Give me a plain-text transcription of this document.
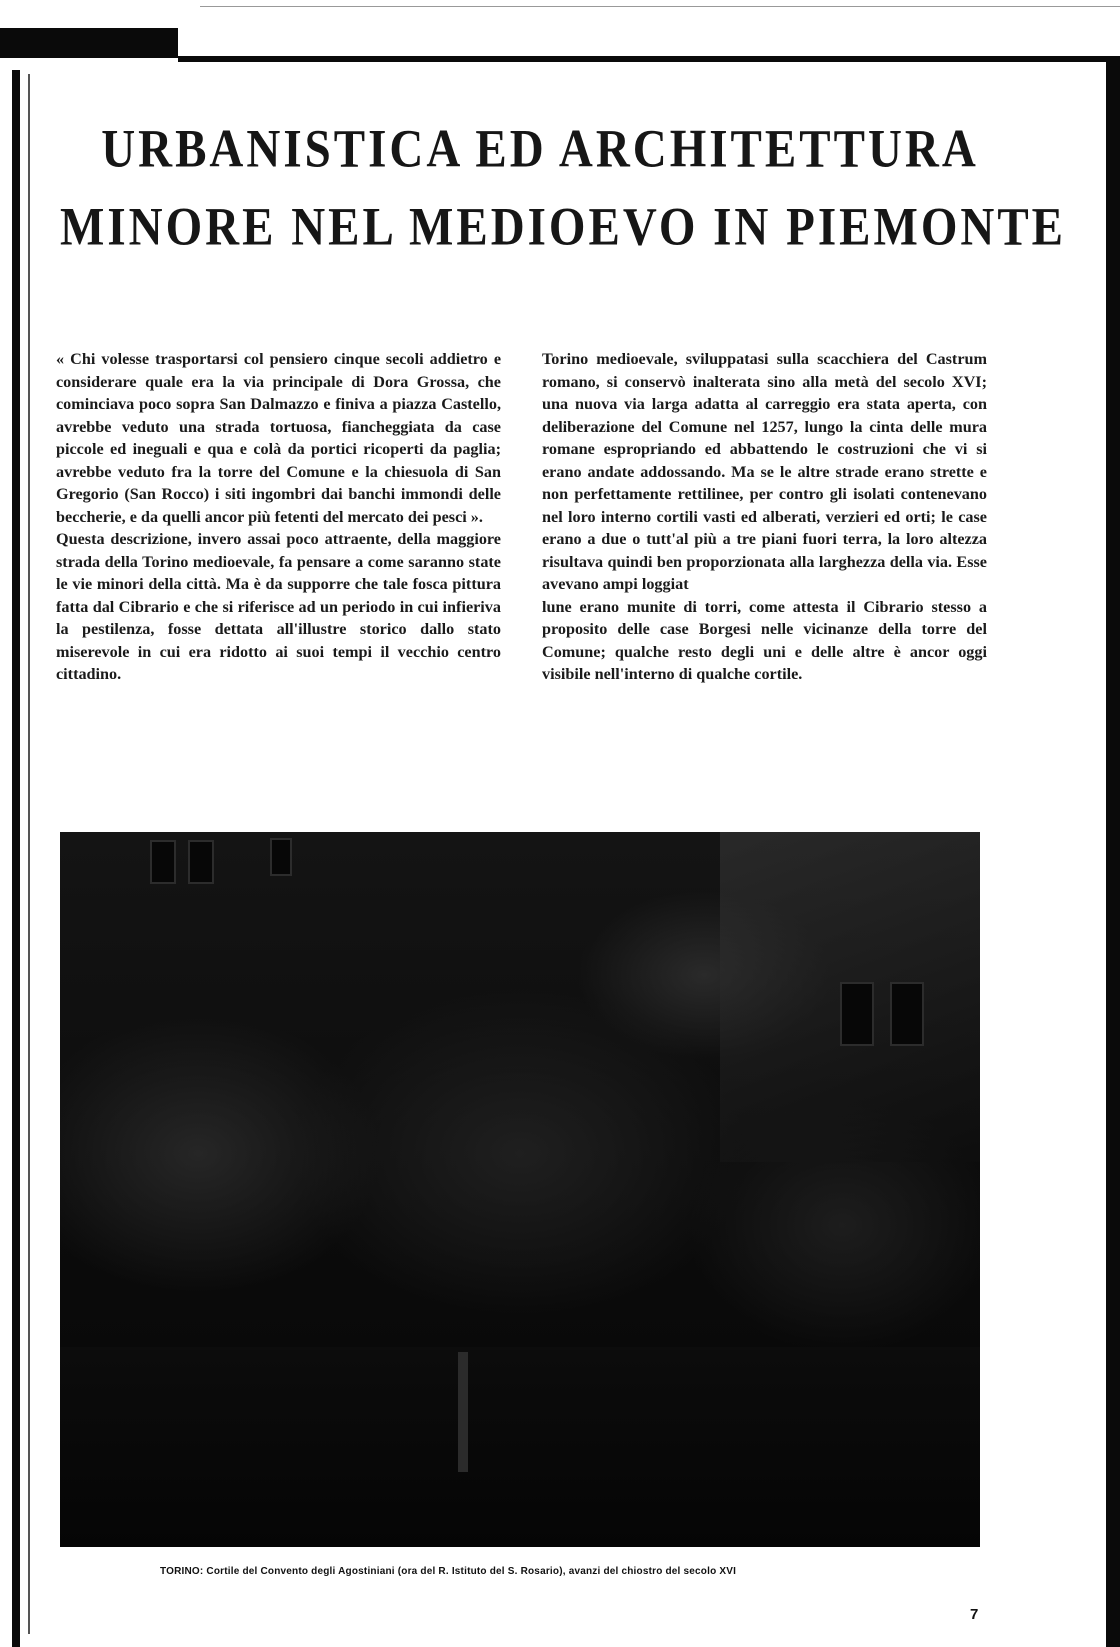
URBANISTICA ED ARCHITETTURA
MINORE NEL MEDIOEVO IN PIEMONTE

« Chi volesse trasportarsi col pensiero cinque secoli addietro e considerare quale era la via principale di Dora Grossa, che cominciava poco sopra San Dalmazzo e finiva a piazza Castello, avrebbe veduto una strada tortuosa, fiancheggiata da case piccole ed ineguali e qua e colà da portici ricoperti da paglia; avrebbe veduto fra la torre del Comune e la chiesuola di San Gregorio (San Rocco) i siti ingombri dai banchi immondi delle beccherie, e da quelli ancor più fetenti del mercato dei pesci ».

Questa descrizione, invero assai poco attraente, della maggiore strada della Torino medioevale, fa pensare a come saranno state le vie minori della città. Ma è da supporre che tale fosca pittura fatta dal Cibrario e che si riferisce ad un periodo in cui infieriva la pestilenza, fosse dettata all'illustre storico dallo stato miserevole in cui era ridotto ai suoi tempi il vecchio centro cittadino.

Torino medioevale, sviluppatasi sulla scacchiera del Castrum romano, si conservò inalterata sino alla metà del secolo XVI; una nuova via larga adatta al carreggio era stata aperta, con deliberazione del Comune nel 1257, lungo la cinta delle mura romane espropriando ed abbattendo le costruzioni che vi si erano andate addossando. Ma se le altre strade erano strette e non perfettamente rettilinee, per contro gli isolati contenevano nel loro interno cortili vasti ed alberati, verzieri ed orti; le case erano a due o tutt'al più a tre piani fuori terra, la loro altezza risultava quindi ben proporzionata alla larghezza della via. Esse avevano ampi loggiat

lune erano munite di torri, come attesta il Cibrario stesso a proposito delle case Borgesi nelle vicinanze della torre del Comune; qualche resto degli uni e delle altre è ancor oggi visibile nell'interno di qualche cortile.

TORINO: Cortile del Convento degli Agostiniani (ora del R. Istituto del S. Rosario), avanzi del chiostro del secolo XVI
7
